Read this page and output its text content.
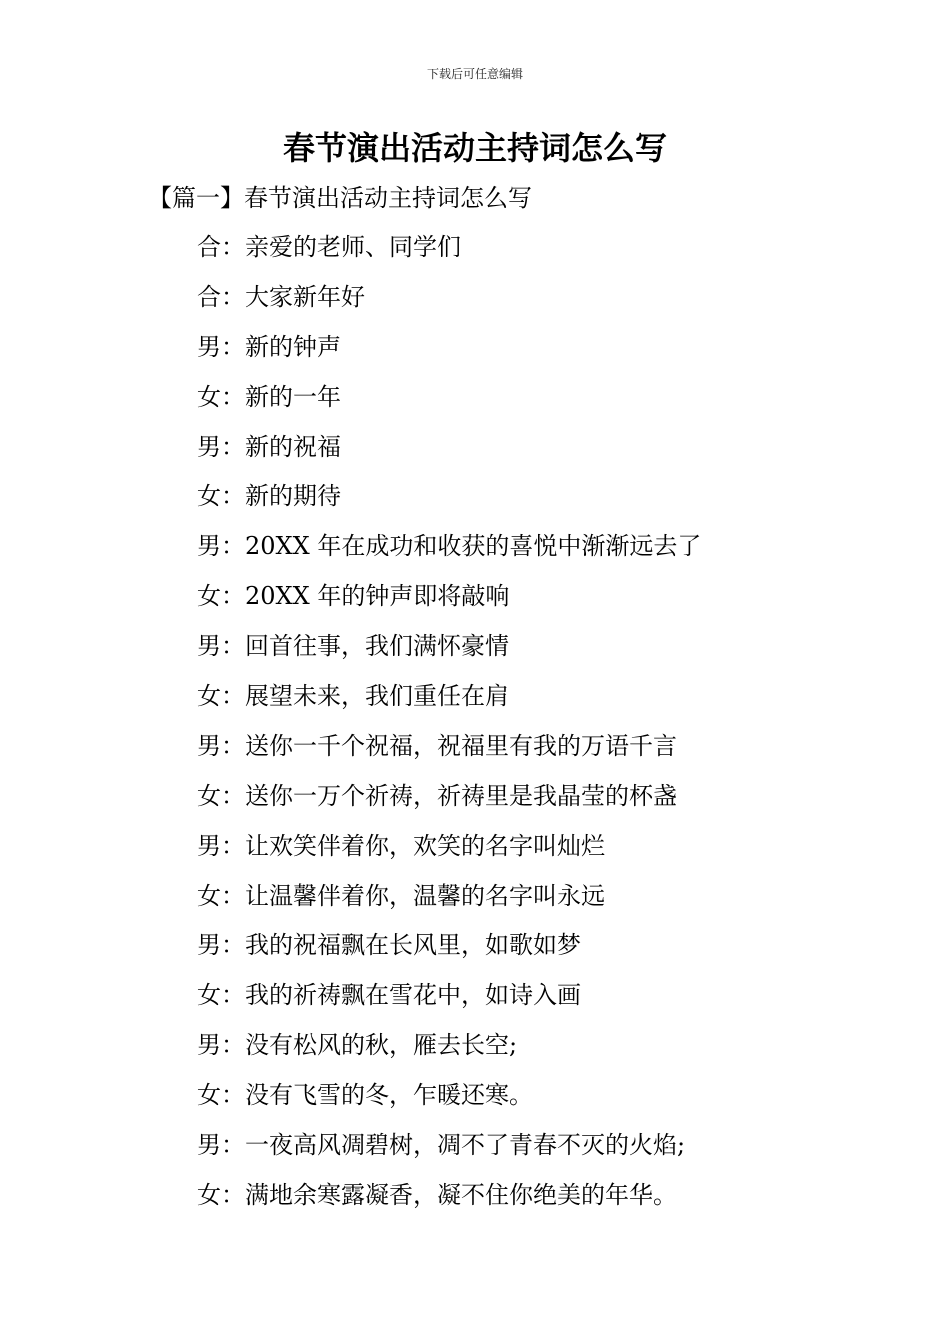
下载后可任意编辑
春节演出活动主持词怎么写
【篇一】春节演出活动主持词怎么写
合：亲爱的老师、同学们
合：大家新年好
男：新的钟声
女：新的一年
男：新的祝福
女：新的期待
男：20XX 年在成功和收获的喜悦中渐渐远去了
女：20XX 年的钟声即将敲响
男：回首往事，我们满怀豪情
女：展望未来，我们重任在肩
男：送你一千个祝福，祝福里有我的万语千言
女：送你一万个祈祷，祈祷里是我晶莹的杯盏
男：让欢笑伴着你，欢笑的名字叫灿烂
女：让温馨伴着你，温馨的名字叫永远
男：我的祝福飘在长风里，如歌如梦
女：我的祈祷飘在雪花中，如诗入画
男：没有松风的秋，雁去长空;
女：没有飞雪的冬，乍暖还寒。
男：一夜高风凋碧树，凋不了青春不灭的火焰;
女：满地余寒露凝香，凝不住你绝美的年华。
